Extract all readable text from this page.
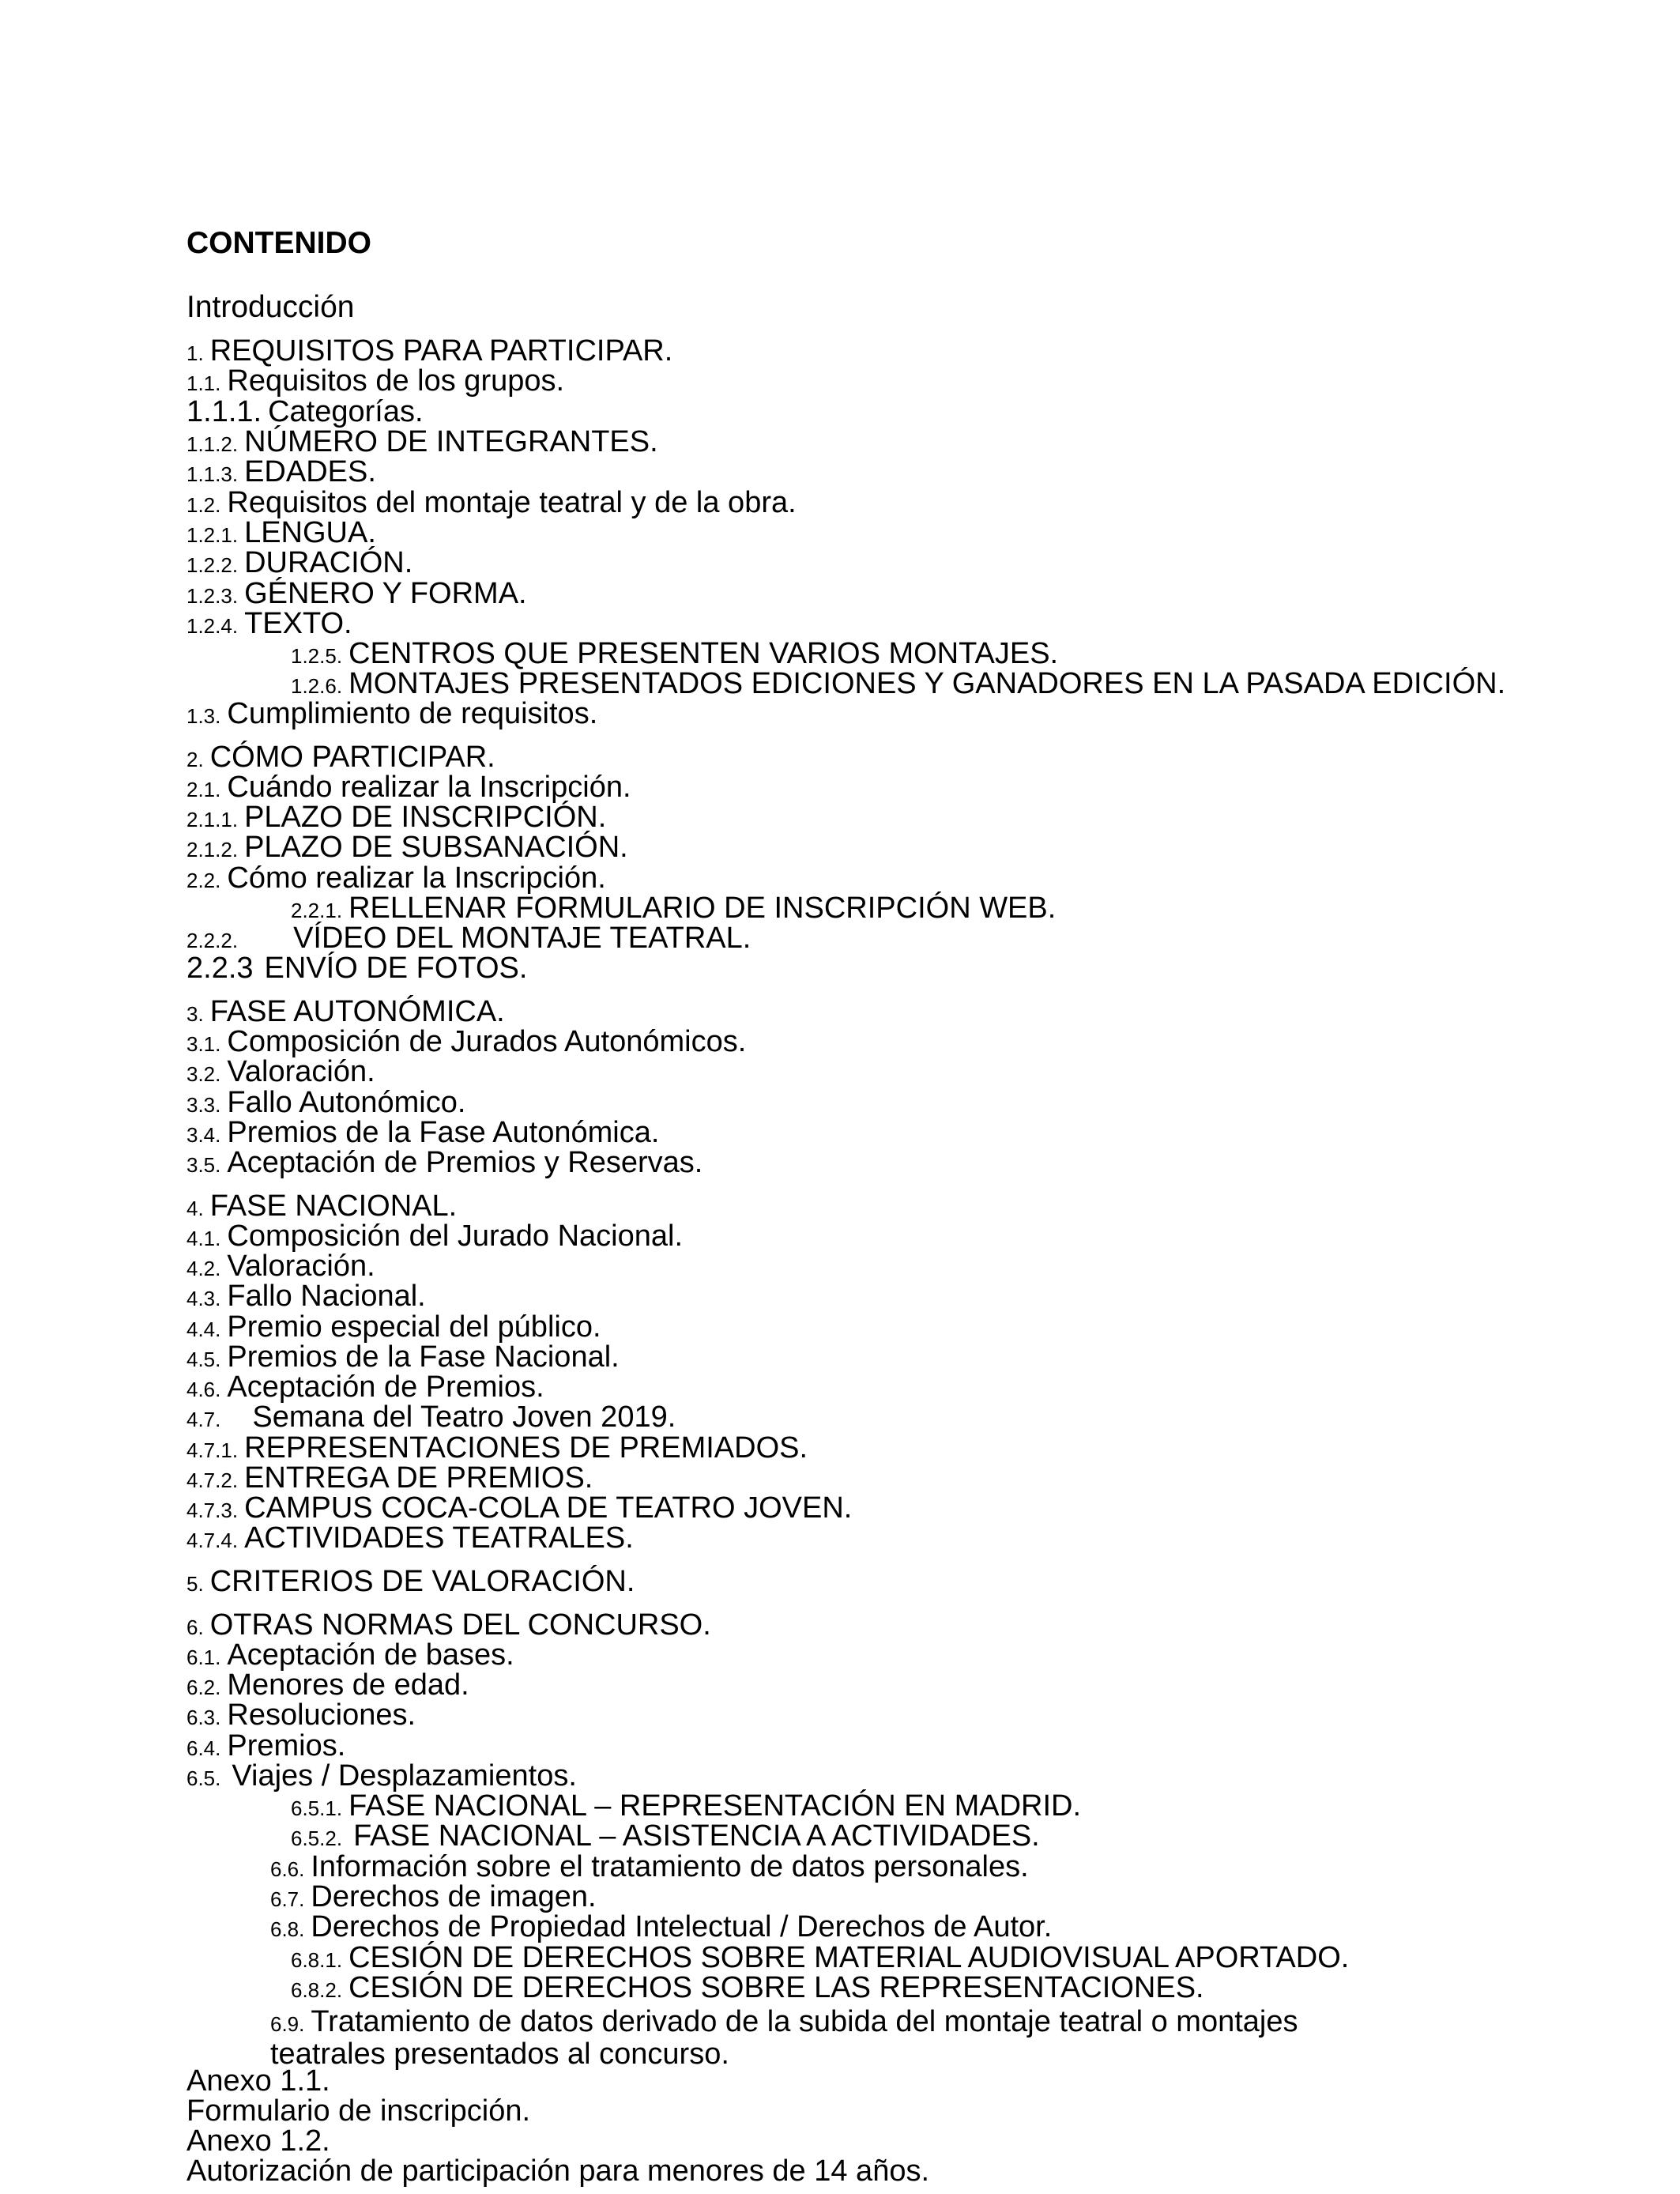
CONTENIDO
Introducción
1. REQUISITOS PARA PARTICIPAR.
1.1. Requisitos de los grupos.
1.1.1. Categorías.
1.1.2. NÚMERO DE INTEGRANTES.
1.1.3. EDADES.
1.2. Requisitos del montaje teatral y de la obra.
1.2.1. LENGUA.
1.2.2. DURACIÓN.
1.2.3. GÉNERO Y FORMA.
1.2.4. TEXTO.
1.2.5. CENTROS QUE PRESENTEN VARIOS MONTAJES.
1.2.6. MONTAJES PRESENTADOS EDICIONES Y GANADORES EN LA PASADA EDICIÓN.
1.3. Cumplimiento de requisitos.
2. CÓMO PARTICIPAR.
2.1. Cuándo realizar la Inscripción.
2.1.1. PLAZO DE INSCRIPCIÓN.
2.1.2. PLAZO DE SUBSANACIÓN.
2.2. Cómo realizar la Inscripción.
2.2.1. RELLENAR FORMULARIO DE INSCRIPCIÓN WEB.
2.2.2. VÍDEO DEL MONTAJE TEATRAL.
2.2.3 ENVÍO DE FOTOS.
3. FASE AUTONÓMICA.
3.1. Composición de Jurados Autonómicos.
3.2. Valoración.
3.3. Fallo Autonómico.
3.4. Premios de la Fase Autonómica.
3.5. Aceptación de Premios y Reservas.
4. FASE NACIONAL.
4.1. Composición del Jurado Nacional.
4.2. Valoración.
4.3. Fallo Nacional.
4.4. Premio especial del público.
4.5. Premios de la Fase Nacional.
4.6. Aceptación de Premios.
4.7. Semana del Teatro Joven 2019.
4.7.1. REPRESENTACIONES DE PREMIADOS.
4.7.2. ENTREGA DE PREMIOS.
4.7.3. CAMPUS COCA-COLA DE TEATRO JOVEN.
4.7.4. ACTIVIDADES TEATRALES.
5. CRITERIOS DE VALORACIÓN.
6. OTRAS NORMAS DEL CONCURSO.
6.1. Aceptación de bases.
6.2. Menores de edad.
6.3. Resoluciones.
6.4. Premios.
6.5. Viajes / Desplazamientos.
6.5.1. FASE NACIONAL – REPRESENTACIÓN EN MADRID.
6.5.2. FASE NACIONAL – ASISTENCIA A ACTIVIDADES.
6.6. Información sobre el tratamiento de datos personales.
6.7. Derechos de imagen.
6.8. Derechos de Propiedad Intelectual / Derechos de Autor.
6.8.1. CESIÓN DE DERECHOS SOBRE MATERIAL AUDIOVISUAL APORTADO.
6.8.2. CESIÓN DE DERECHOS SOBRE LAS REPRESENTACIONES.
6.9. Tratamiento de datos derivado de la subida del montaje teatral o montajes
teatrales presentados al concurso.
Anexo 1.1.
Formulario de inscripción.
Anexo 1.2.
Autorización de participación para menores de 14 años.
